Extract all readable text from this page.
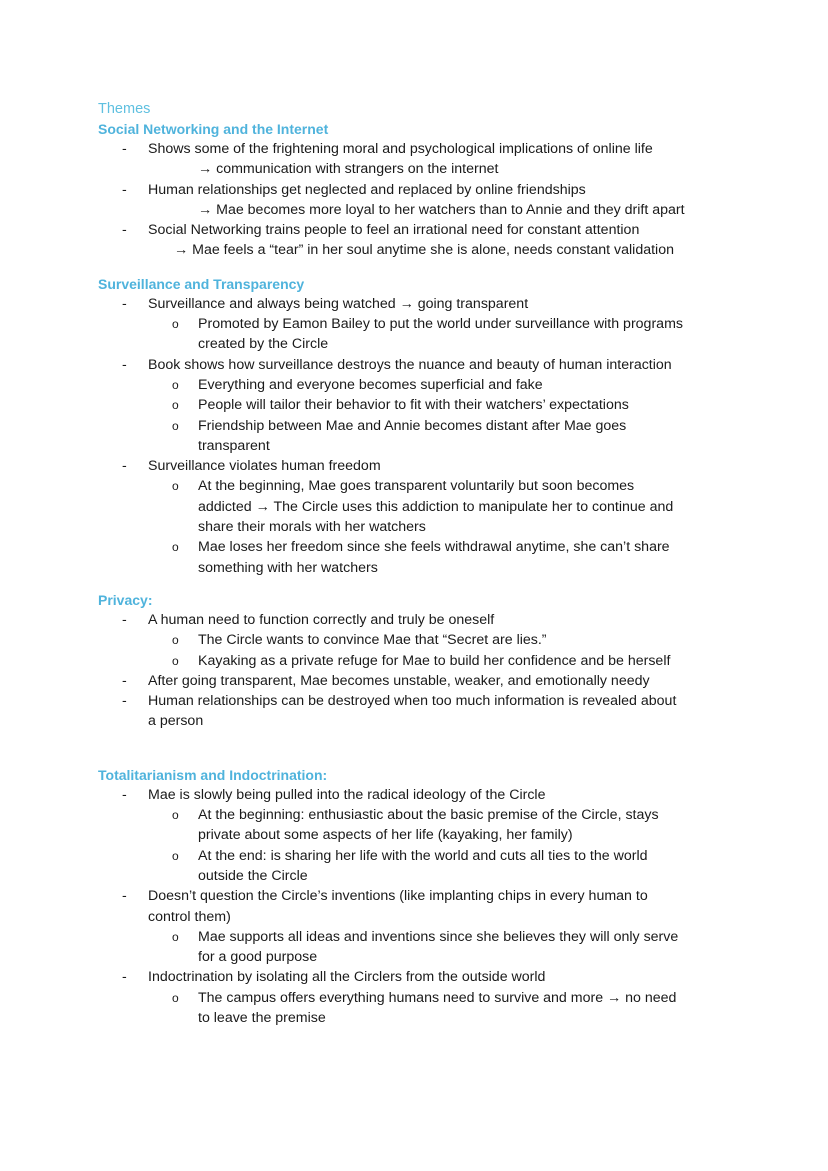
Themes
Social Networking and the Internet
- Shows some of the frightening moral and psychological implications of online life
→ communication with strangers on the internet
- Human relationships get neglected and replaced by online friendships
→ Mae becomes more loyal to her watchers than to Annie and they drift apart
- Social Networking trains people to feel an irrational need for constant attention
→ Mae feels a “tear” in her soul anytime she is alone, needs constant validation
Surveillance and Transparency
- Surveillance and always being watched → going transparent
o Promoted by Eamon Bailey to put the world under surveillance with programs
created by the Circle
- Book shows how surveillance destroys the nuance and beauty of human interaction
o Everything and everyone becomes superficial and fake
o People will tailor their behavior to fit with their watchers’ expectations
o Friendship between Mae and Annie becomes distant after Mae goes
transparent
- Surveillance violates human freedom
o At the beginning, Mae goes transparent voluntarily but soon becomes
addicted → The Circle uses this addiction to manipulate her to continue and
share their morals with her watchers
o Mae loses her freedom since she feels withdrawal anytime, she can’t share
something with her watchers
Privacy:
- A human need to function correctly and truly be oneself
o The Circle wants to convince Mae that “Secret are lies.”
o Kayaking as a private refuge for Mae to build her confidence and be herself
- After going transparent, Mae becomes unstable, weaker, and emotionally needy
- Human relationships can be destroyed when too much information is revealed about
a person
Totalitarianism and Indoctrination:
- Mae is slowly being pulled into the radical ideology of the Circle
o At the beginning: enthusiastic about the basic premise of the Circle, stays
private about some aspects of her life (kayaking, her family)
o At the end: is sharing her life with the world and cuts all ties to the world
outside the Circle
- Doesn’t question the Circle’s inventions (like implanting chips in every human to
control them)
o Mae supports all ideas and inventions since she believes they will only serve
for a good purpose
- Indoctrination by isolating all the Circlers from the outside world
o The campus offers everything humans need to survive and more → no need
to leave the premise
